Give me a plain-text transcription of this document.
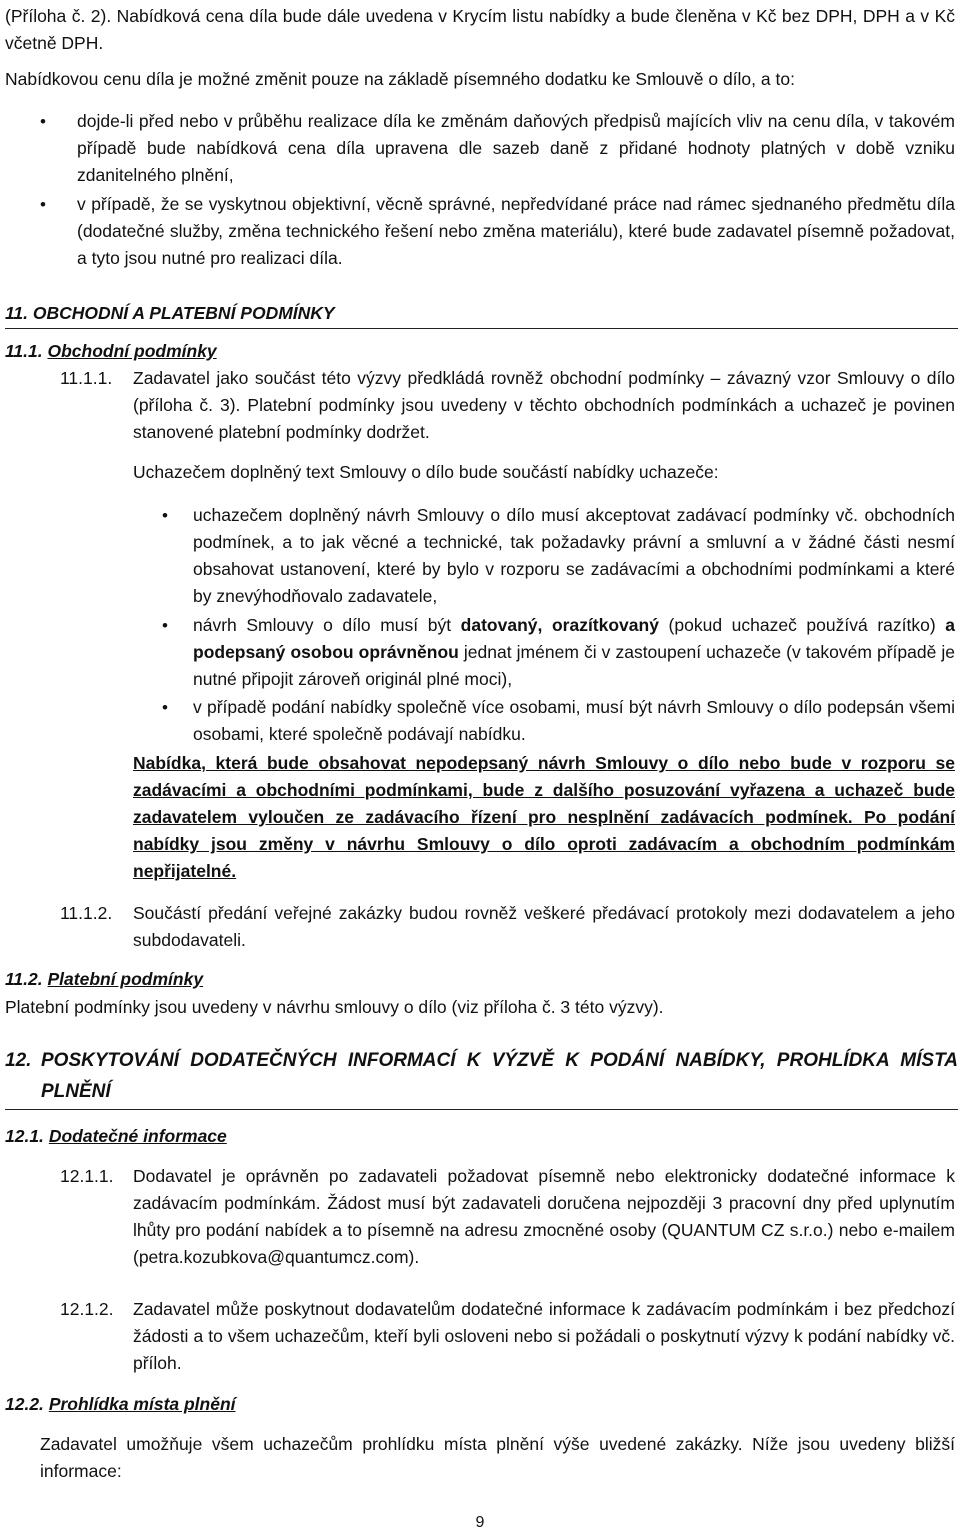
(Příloha č. 2). Nabídková cena díla bude dále uvedena v Krycím listu nabídky a bude členěna v Kč bez DPH, DPH a v Kč včetně DPH.
Nabídkovou cenu díla je možné změnit pouze na základě písemného dodatku ke Smlouvě o dílo, a to:
• dojde-li před nebo v průběhu realizace díla ke změnám daňových předpisů majících vliv na cenu díla, v takovém případě bude nabídková cena díla upravena dle sazeb daně z přidané hodnoty platných v době vzniku zdanitelného plnění,
• v případě, že se vyskytnou objektivní, věcně správné, nepředvídané práce nad rámec sjednaného předmětu díla (dodatečné služby, změna technického řešení nebo změna materiálu), které bude zadavatel písemně požadovat, a tyto jsou nutné pro realizaci díla.
11. OBCHODNÍ A PLATEBNÍ PODMÍNKY
11.1. Obchodní podmínky
11.1.1. Zadavatel jako součást této výzvy předkládá rovněž obchodní podmínky – závazný vzor Smlouvy o dílo (příloha č. 3). Platební podmínky jsou uvedeny v těchto obchodních podmínkách a uchazeč je povinen stanovené platební podmínky dodržet.
Uchazečem doplněný text Smlouvy o dílo bude součástí nabídky uchazeče:
• uchazečem doplněný návrh Smlouvy o dílo musí akceptovat zadávací podmínky vč. obchodních podmínek, a to jak věcné a technické, tak požadavky právní a smluvní a v žádné části nesmí obsahovat ustanovení, které by bylo v rozporu se zadávacími a obchodními podmínkami a které by znevýhodňovalo zadavatele,
• návrh Smlouvy o dílo musí být datovaný, orazítkovaný (pokud uchazeč používá razítko) a podepsaný osobou oprávněnou jednat jménem či v zastoupení uchazeče (v takovém případě je nutné připojit zároveň originál plné moci),
• v případě podání nabídky společně více osobami, musí být návrh Smlouvy o dílo podepsán všemi osobami, které společně podávají nabídku.
Nabídka, která bude obsahovat nepodepsaný návrh Smlouvy o dílo nebo bude v rozporu se zadávacími a obchodními podmínkami, bude z dalšího posuzování vyřazena a uchazeč bude zadavatelem vyloučen ze zadávacího řízení pro nesplnění zadávacích podmínek. Po podání nabídky jsou změny v návrhu Smlouvy o dílo oproti zadávacím a obchodním podmínkám nepřijatelné.
11.1.2. Součástí předání veřejné zakázky budou rovněž veškeré předávací protokoly mezi dodavatelem a jeho subdodavateli.
11.2. Platební podmínky
Platební podmínky jsou uvedeny v návrhu smlouvy o dílo (viz příloha č. 3 této výzvy).
12. POSKYTOVÁNÍ DODATEČNÝCH INFORMACÍ K VÝZVĚ K PODÁNÍ NABÍDKY, PROHLÍDKA MÍSTA PLNĚNÍ
12.1. Dodatečné informace
12.1.1. Dodavatel je oprávněn po zadavateli požadovat písemně nebo elektronicky dodatečné informace k zadávacím podmínkám. Žádost musí být zadavateli doručena nejpozději 3 pracovní dny před uplynutím lhůty pro podání nabídek a to písemně na adresu zmocněné osoby (QUANTUM CZ s.r.o.) nebo e-mailem (petra.kozubkova@quantumcz.com).
12.1.2. Zadavatel může poskytnout dodavatelům dodatečné informace k zadávacím podmínkám i bez předchozí žádosti a to všem uchazečům, kteří byli osloveni nebo si požádali o poskytnutí výzvy k podání nabídky vč. příloh.
12.2. Prohlídka místa plnění
Zadavatel umožňuje všem uchazečům prohlídku místa plnění výše uvedené zakázky. Níže jsou uvedeny bližší informace:
9
